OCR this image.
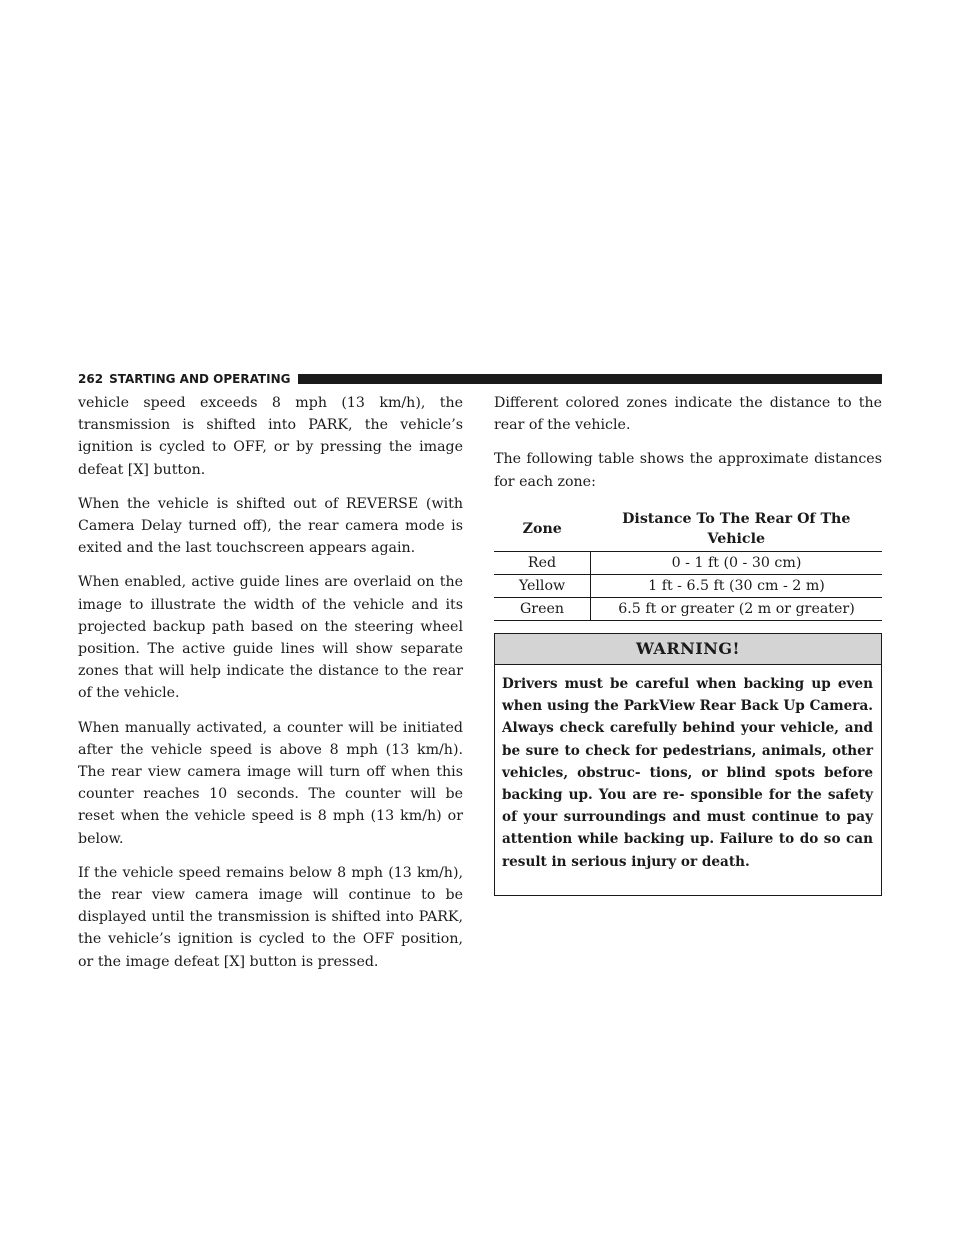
262 STARTING AND OPERATING

vehicle speed exceeds 8 mph (13 km/h), the transmission is shifted into PARK, the vehicle’s ignition is cycled to OFF, or by pressing the image defeat [X] button.

When the vehicle is shifted out of REVERSE (with Camera Delay turned off), the rear camera mode is exited and the last touchscreen appears again.

When enabled, active guide lines are overlaid on the image to illustrate the width of the vehicle and its projected backup path based on the steering wheel position. The active guide lines will show separate zones that will help indicate the distance to the rear of the vehicle.

When manually activated, a counter will be initiated after the vehicle speed is above 8 mph (13 km/h). The rear view camera image will turn off when this counter reaches 10 seconds. The counter will be reset when the vehicle speed is 8 mph (13 km/h) or below.

If the vehicle speed remains below 8 mph (13 km/h), the rear view camera image will continue to be displayed until the transmission is shifted into PARK, the vehicle’s ignition is cycled to the OFF position, or the image defeat [X] button is pressed.

Different colored zones indicate the distance to the rear of the vehicle.

The following table shows the approximate distances for each zone:

Zone	Distance To The Rear Of The Vehicle
Red	0 - 1 ft (0 - 30 cm)
Yellow	1 ft - 6.5 ft (30 cm - 2 m)
Green	6.5 ft or greater (2 m or greater)
WARNING!

Drivers must be careful when backing up even when using the ParkView Rear Back Up Camera. Always check carefully behind your vehicle, and be sure to check for pedestrians, animals, other vehicles, obstruc- tions, or blind spots before backing up. You are re- sponsible for the safety of your surroundings and must continue to pay attention while backing up. Failure to do so can result in serious injury or death.
